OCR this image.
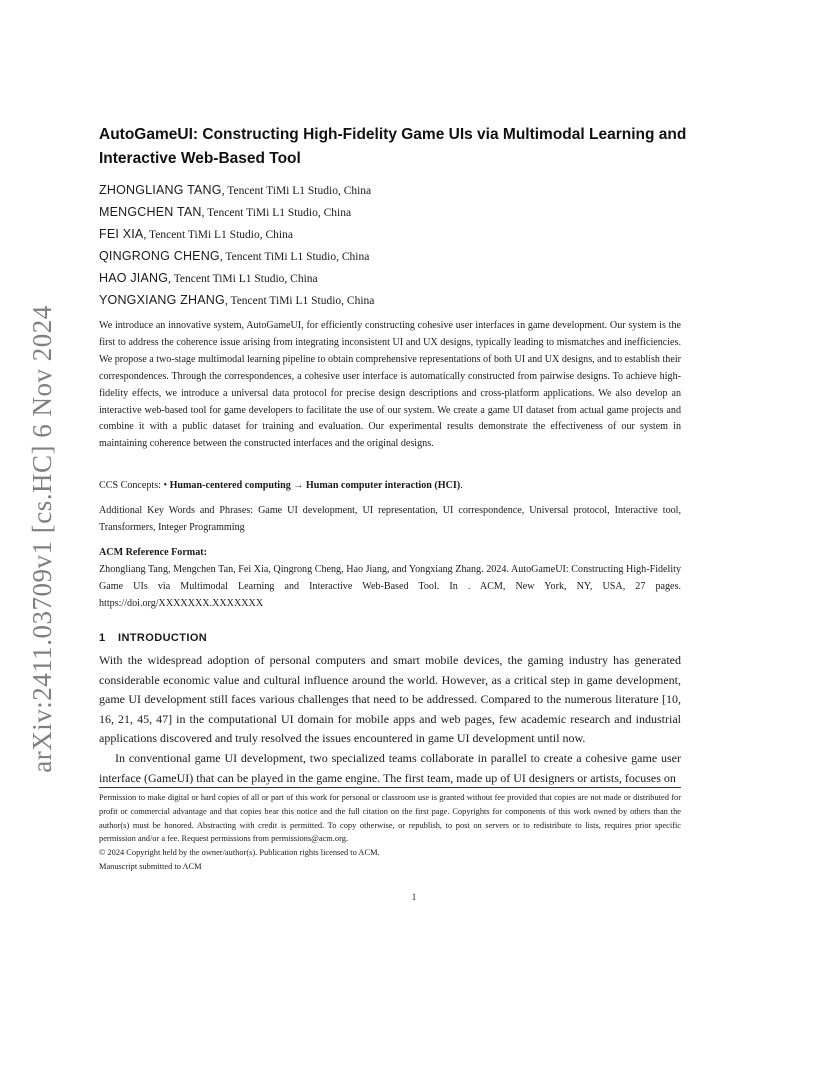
arXiv:2411.03709v1 [cs.HC] 6 Nov 2024
AutoGameUI: Constructing High-Fidelity Game UIs via Multimodal Learning and Interactive Web-Based Tool
ZHONGLIANG TANG, Tencent TiMi L1 Studio, China
MENGCHEN TAN, Tencent TiMi L1 Studio, China
FEI XIA, Tencent TiMi L1 Studio, China
QINGRONG CHENG, Tencent TiMi L1 Studio, China
HAO JIANG, Tencent TiMi L1 Studio, China
YONGXIANG ZHANG, Tencent TiMi L1 Studio, China
We introduce an innovative system, AutoGameUI, for efficiently constructing cohesive user interfaces in game development. Our system is the first to address the coherence issue arising from integrating inconsistent UI and UX designs, typically leading to mismatches and inefficiencies. We propose a two-stage multimodal learning pipeline to obtain comprehensive representations of both UI and UX designs, and to establish their correspondences. Through the correspondences, a cohesive user interface is automatically constructed from pairwise designs. To achieve high-fidelity effects, we introduce a universal data protocol for precise design descriptions and cross-platform applications. We also develop an interactive web-based tool for game developers to facilitate the use of our system. We create a game UI dataset from actual game projects and combine it with a public dataset for training and evaluation. Our experimental results demonstrate the effectiveness of our system in maintaining coherence between the constructed interfaces and the original designs.
CCS Concepts: • Human-centered computing → Human computer interaction (HCI).
Additional Key Words and Phrases: Game UI development, UI representation, UI correspondence, Universal protocol, Interactive tool, Transformers, Integer Programming
ACM Reference Format:
Zhongliang Tang, Mengchen Tan, Fei Xia, Qingrong Cheng, Hao Jiang, and Yongxiang Zhang. 2024. AutoGameUI: Constructing High-Fidelity Game UIs via Multimodal Learning and Interactive Web-Based Tool. In . ACM, New York, NY, USA, 27 pages. https://doi.org/XXXXXXX.XXXXXXX
1 INTRODUCTION

With the widespread adoption of personal computers and smart mobile devices, the gaming industry has generated considerable economic value and cultural influence around the world. However, as a critical step in game development, game UI development still faces various challenges that need to be addressed. Compared to the numerous literature [10, 16, 21, 45, 47] in the computational UI domain for mobile apps and web pages, few academic research and industrial applications discovered and truly resolved the issues encountered in game UI development until now.

In conventional game UI development, two specialized teams collaborate in parallel to create a cohesive game user interface (GameUI) that can be played in the game engine. The first team, made up of UI designers or artists, focuses on

Permission to make digital or hard copies of all or part of this work for personal or classroom use is granted without fee provided that copies are not made or distributed for profit or commercial advantage and that copies bear this notice and the full citation on the first page. Copyrights for components of this work owned by others than the author(s) must be honored. Abstracting with credit is permitted. To copy otherwise, or republish, to post on servers or to redistribute to lists, requires prior specific permission and/or a fee. Request permissions from permissions@acm.org.

© 2024 Copyright held by the owner/author(s). Publication rights licensed to ACM.

Manuscript submitted to ACM

1
